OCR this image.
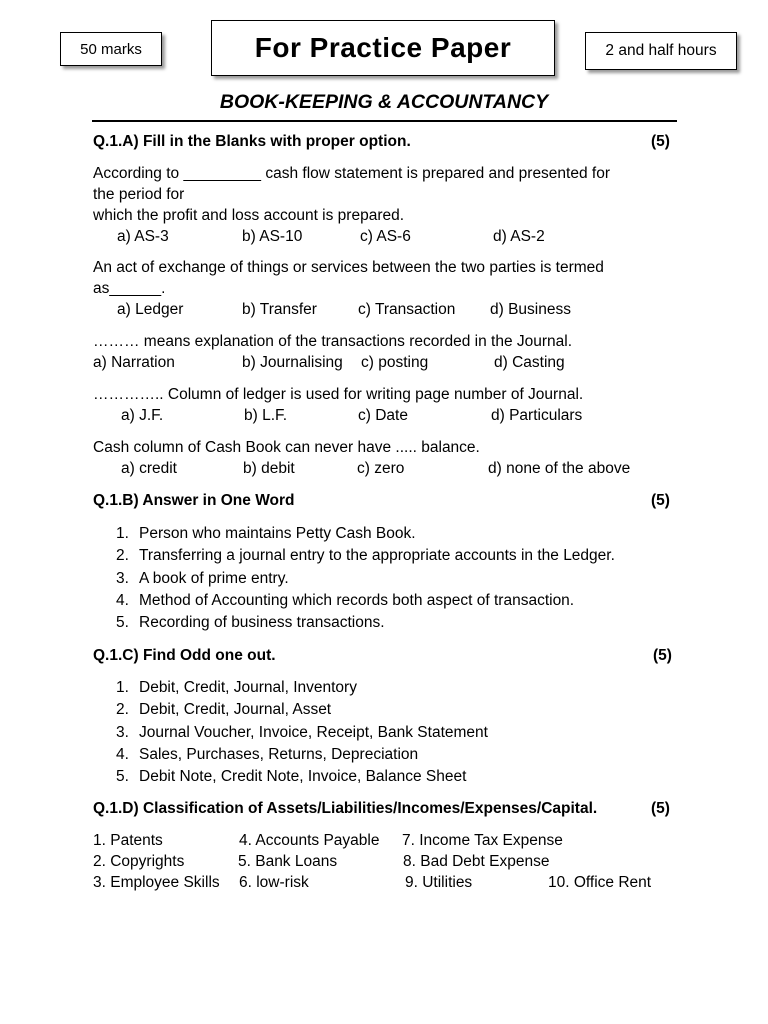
50 marks	For Practice Paper	2 and half hours
BOOK-KEEPING & ACCOUNTANCY
Q.1.A) Fill in the Blanks with proper option.	(5)
According to _________ cash flow statement is prepared and presented for
the period for
which the profit and loss account is prepared.
a) AS-3	b) AS-10	c) AS-6	d) AS-2
An act of exchange of things or services between the two parties is termed
as______.
a) Ledger	b) Transfer	c) Transaction d) Business
……… means explanation of the transactions recorded in the Journal.
a) Narration	b) Journalising c) posting	d) Casting
………….. Column of ledger is used for writing page number of Journal.
a) J.F.	b) L.F.	c) Date	d) Particulars
Cash column of Cash Book can never have ..... balance.
a) credit	b) debit	c) zero	d) none of the above
Q.1.B) Answer in One Word	(5)
1. Person who maintains Petty Cash Book.
2. Transferring a journal entry to the appropriate accounts in the Ledger.
3. A book of prime entry.
4. Method of Accounting which records both aspect of transaction.
5. Recording of business transactions.
Q.1.C) Find Odd one out.	(5)
1. Debit, Credit, Journal, Inventory
2. Debit, Credit, Journal, Asset
3. Journal Voucher, Invoice, Receipt, Bank Statement
4. Sales, Purchases, Returns, Depreciation
5. Debit Note, Credit Note, Invoice, Balance Sheet
Q.1.D) Classification of Assets/Liabilities/Incomes/Expenses/Capital.	(5)
1. Patents	4. Accounts Payable 7. Income Tax Expense
2. Copyrights	5. Bank Loans	8. Bad Debt Expense
3. Employee Skills 6. low-risk	9. Utilities	10. Office Rent
